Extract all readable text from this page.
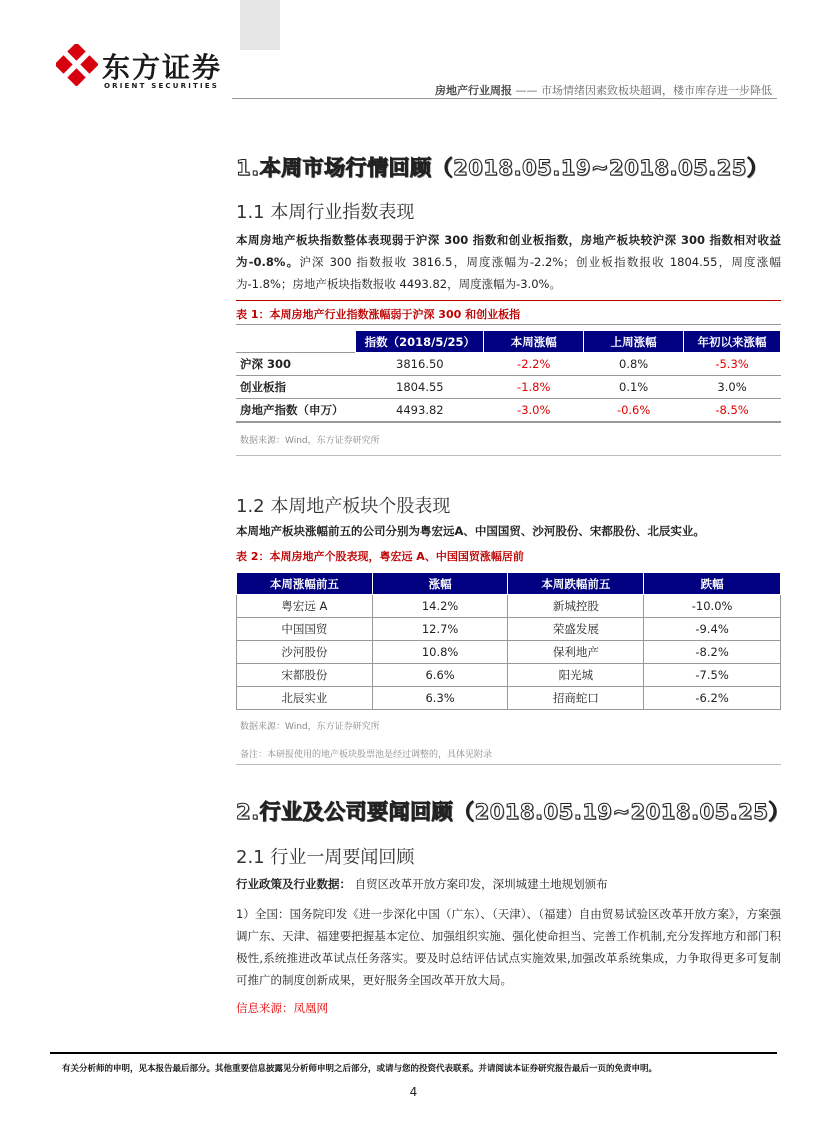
东方证券
ORIENT SECURITIES	房地产行业周报 —— 市场情绪因素致板块超调，楼市库存进一步降低
1.本周市场行情回顾（2018.05.19~2018.05.25）
1.1 本周行业指数表现
本周房地产板块指数整体表现弱于沪深 300 指数和创业板指数，房地产板块较沪深 300 指数相对收益为-0.8%。沪深 300 指数报收 3816.5，周度涨幅为-2.2%；创业板指数报收 1804.55，周度涨幅为-1.8%；房地产板块指数报收 4493.82，周度涨幅为-3.0%。
表 1：本周房地产行业指数涨幅弱于沪深 300 和创业板指
	指数（2018/5/25）	本周涨幅	上周涨幅	年初以来涨幅
沪深 300	3816.50	-2.2%	0.8%	-5.3%
创业板指	1804.55	-1.8%	0.1%	3.0%
房地产指数（申万）	4493.82	-3.0%	-0.6%	-8.5%
数据来源：Wind，东方证券研究所
1.2 本周地产板块个股表现
本周地产板块涨幅前五的公司分别为粤宏远A、中国国贸、沙河股份、宋都股份、北辰实业。
表 2：本周房地产个股表现，粤宏远 A、中国国贸涨幅居前
本周涨幅前五	涨幅	本周跌幅前五	跌幅
粤宏远 A	14.2%	新城控股	-10.0%
中国国贸	12.7%	荣盛发展	-9.4%
沙河股份	10.8%	保利地产	-8.2%
宋都股份	6.6%	阳光城	-7.5%
北辰实业	6.3%	招商蛇口	-6.2%
数据来源：Wind，东方证券研究所
备注：本研报使用的地产板块股票池是经过调整的，具体见附录
2.行业及公司要闻回顾（2018.05.19~2018.05.25）
2.1 行业一周要闻回顾
行业政策及行业数据： 自贸区改革开放方案印发，深圳城建土地规划颁布
1）全国：国务院印发《进一步深化中国（广东）、（天津）、（福建）自由贸易试验区改革开放方案》，方案强调广东、天津、福建要把握基本定位、加强组织实施、强化使命担当、完善工作机制,充分发挥地方和部门积极性,系统推进改革试点任务落实。要及时总结评估试点实施效果,加强改革系统集成，力争取得更多可复制可推广的制度创新成果，更好服务全国改革开放大局。
信息来源：凤凰网
有关分析师的申明，见本报告最后部分。其他重要信息披露见分析师申明之后部分，或请与您的投资代表联系。并请阅读本证券研究报告最后一页的免责申明。
4
